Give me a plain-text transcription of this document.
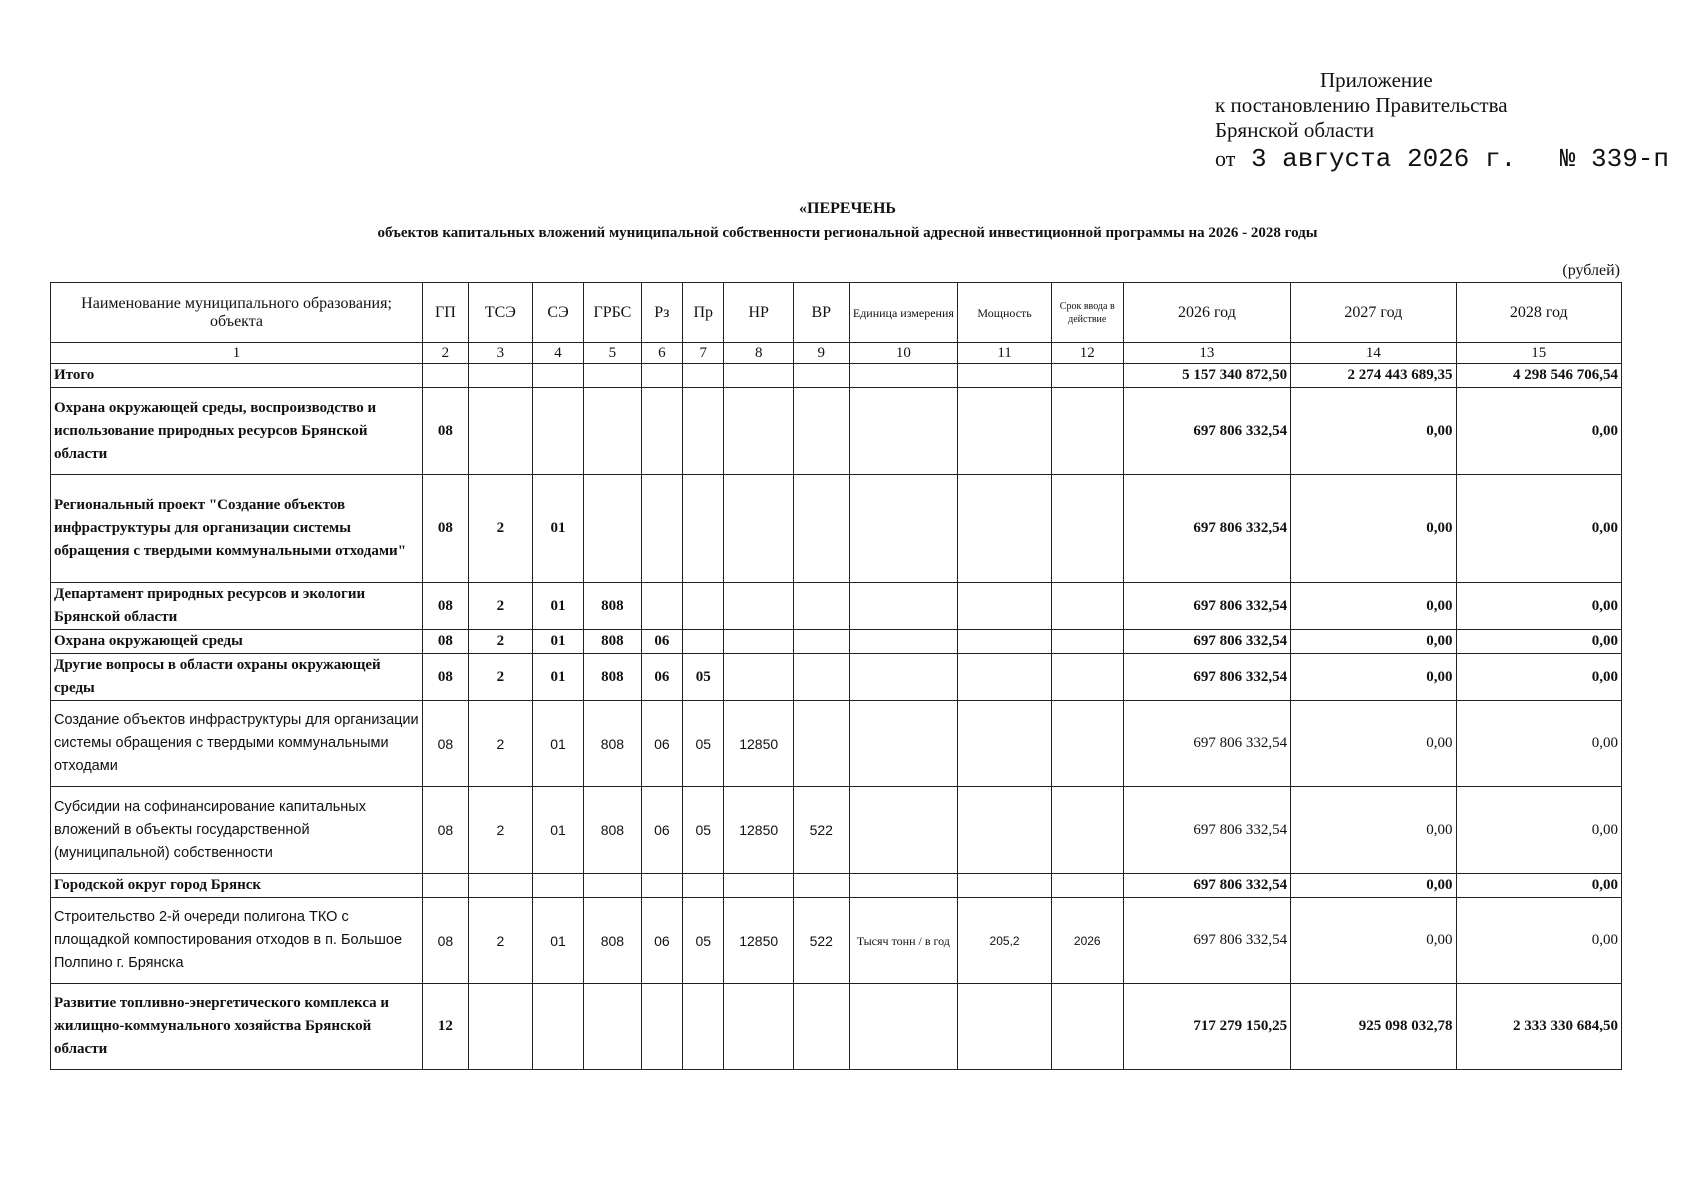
Приложение
к постановлению Правительства
Брянской области
от 3 августа 2026 г. № 339-п
«ПЕРЕЧЕНЬ
объектов капитальных вложений муниципальной собственности региональной адресной инвестиционной программы на 2026 - 2028 годы
(рублей)
Наименование муниципального образования; объекта	ГП	ТСЭ	СЭ	ГРБС	Рз	Пр	НР	ВР	Единица измерения	Мощность	Срок ввода в действие	2026 год	2027 год	2028 год
1	2	3	4	5	6	7	8	9	10	11	12	13	14	15
Итого												5 157 340 872,50	2 274 443 689,35	4 298 546 706,54
Охрана окружающей среды, воспроизводство и использование природных ресурсов Брянской области	08											697 806 332,54	0,00	0,00
Региональный проект "Создание объектов инфраструктуры для организации системы обращения с твердыми коммунальными отходами"	08	2	01									697 806 332,54	0,00	0,00
Департамент природных ресурсов и экологии Брянской области	08	2	01	808								697 806 332,54	0,00	0,00
Охрана окружающей среды	08	2	01	808	06							697 806 332,54	0,00	0,00
Другие вопросы в области охраны окружающей среды	08	2	01	808	06	05						697 806 332,54	0,00	0,00
Создание объектов инфраструктуры для организации системы обращения с твердыми коммунальными отходами	08	2	01	808	06	05	12850					697 806 332,54	0,00	0,00
Субсидии на софинансирование капитальных вложений в объекты государственной (муниципальной) собственности	08	2	01	808	06	05	12850	522				697 806 332,54	0,00	0,00
Городской округ город Брянск												697 806 332,54	0,00	0,00
Строительство 2-й очереди полигона ТКО с площадкой компостирования отходов в п. Большое Полпино г. Брянска	08	2	01	808	06	05	12850	522	Тысяч тонн / в год	205,2	2026	697 806 332,54	0,00	0,00
Развитие топливно-энергетического комплекса и жилищно-коммунального хозяйства Брянской области	12											717 279 150,25	925 098 032,78	2 333 330 684,50
